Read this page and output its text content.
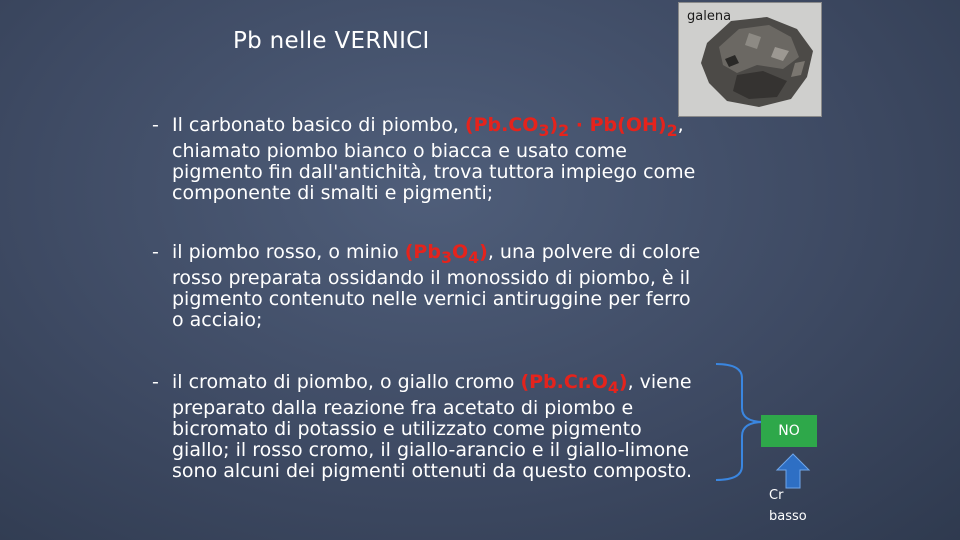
Pb nelle VERNICI
galena
- Il carbonato basico di piombo, $(Pb.CO_3)_2 \cdot Pb(OH)_2$,
chiamato piombo bianco o biacca e usato come
pigmento fin dall'antichità, trova tuttora impiego come
componente di smalti e pigmenti;
- il piombo rosso, o minio $(Pb_3O_4)$, una polvere di colore
rosso preparata ossidando il monossido di piombo, è il
pigmento contenuto nelle vernici antiruggine per ferro
o acciaio;
- il cromato di piombo, o giallo cromo $(Pb.Cr.O_4)$, viene
preparato dalla reazione fra acetato di piombo e
bicromato di potassio e utilizzato come pigmento
giallo; il rosso cromo, il giallo-arancio e il giallo-limone
sono alcuni dei pigmenti ottenuti da questo composto.
NO
Cr
basso
